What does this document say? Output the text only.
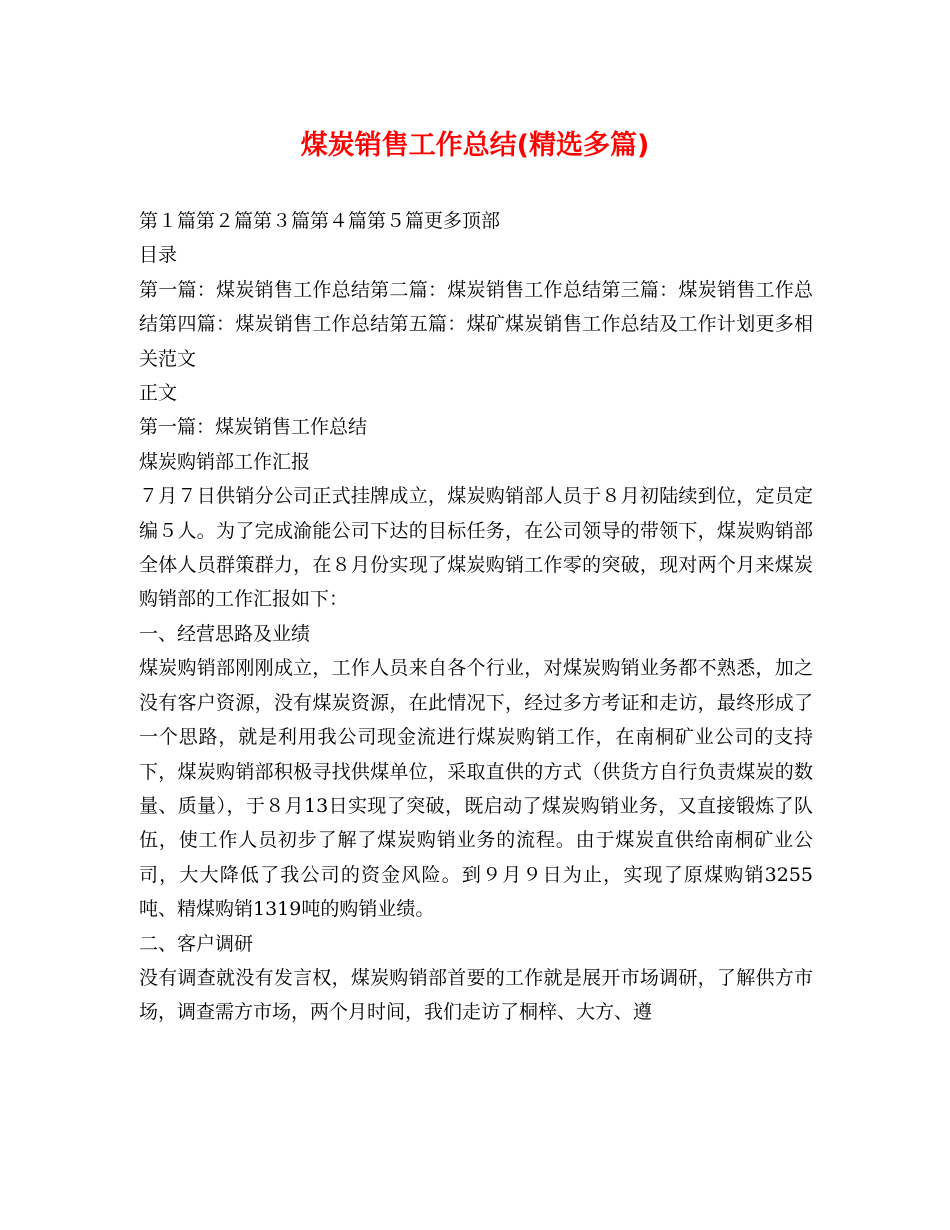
煤炭销售工作总结(精选多篇)

第１篇第２篇第３篇第４篇第５篇更多顶部

目录

第一篇：煤炭销售工作总结第二篇：煤炭销售工作总结第三篇：煤炭销售工作总结第四篇：煤炭销售工作总结第五篇：煤矿煤炭销售工作总结及工作计划更多相关范文

正文

第一篇：煤炭销售工作总结

煤炭购销部工作汇报

７月７日供销分公司正式挂牌成立，煤炭购销部人员于８月初陆续到位，定员定编５人。为了完成渝能公司下达的目标任务，在公司领导的带领下，煤炭购销部全体人员群策群力，在８月份实现了煤炭购销工作零的突破，现对两个月来煤炭购销部的工作汇报如下：

一、经营思路及业绩

煤炭购销部刚刚成立，工作人员来自各个行业，对煤炭购销业务都不熟悉，加之没有客户资源，没有煤炭资源，在此情况下，经过多方考证和走访，最终形成了一个思路，就是利用我公司现金流进行煤炭购销工作，在南桐矿业公司的支持下，煤炭购销部积极寻找供煤单位，采取直供的方式（供货方自行负责煤炭的数量、质量），于８月13日实现了突破，既启动了煤炭购销业务，又直接锻炼了队伍，使工作人员初步了解了煤炭购销业务的流程。由于煤炭直供给南桐矿业公司，大大降低了我公司的资金风险。到９月９日为止，实现了原煤购销3255吨、精煤购销1319吨的购销业绩。

二、客户调研

没有调查就没有发言权，煤炭购销部首要的工作就是展开市场调研，了解供方市场，调查需方市场，两个月时间，我们走访了桐梓、大方、遵
